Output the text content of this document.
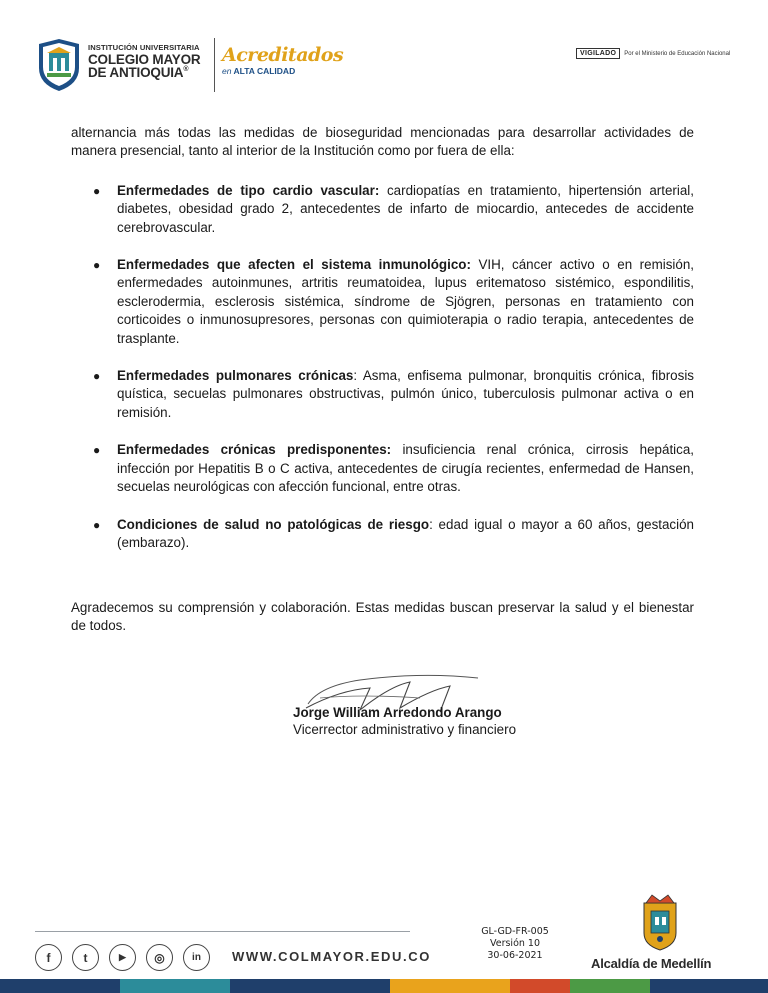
INSTITUCIÓN UNIVERSITARIA
COLEGIO MAYOR
DE ANTIOQUIA®
Acreditados
en ALTA CALIDAD
VIGILADO	Por el Ministerio de Educación Nacional

alternancia más todas las medidas de bioseguridad mencionadas para desarrollar actividades de manera presencial, tanto al interior de la Institución como por fuera de ella:

● Enfermedades de tipo cardio vascular: cardiopatías en tratamiento, hipertensión arterial, diabetes, obesidad grado 2, antecedentes de infarto de miocardio, antecedes de accidente cerebrovascular.
● Enfermedades que afecten el sistema inmunológico: VIH, cáncer activo o en remisión, enfermedades autoinmunes, artritis reumatoidea, lupus eritematoso sistémico, espondilitis, esclerodermia, esclerosis sistémica, síndrome de Sjögren, personas en tratamiento con corticoides o inmunosupresores, personas con quimioterapia o radio terapia, antecedentes de trasplante.
● Enfermedades pulmonares crónicas: Asma, enfisema pulmonar, bronquitis crónica, fibrosis quística, secuelas pulmonares obstructivas, pulmón único, tuberculosis pulmonar activa o en remisión.
● Enfermedades crónicas predisponentes: insuficiencia renal crónica, cirrosis hepática, infección por Hepatitis B o C activa, antecedentes de cirugía recientes, enfermedad de Hansen, secuelas neurológicas con afección funcional, entre otras.
● Condiciones de salud no patológicas de riesgo: edad igual o mayor a 60 años, gestación (embarazo).

Agradecemos su comprensión y colaboración. Estas medidas buscan preservar la salud y el bienestar de todos.

Jorge William Arredondo Arango
Vicerrector administrativo y financiero
f	t	▶	◎	in	WWW.COLMAYOR.EDU.CO
GL-GD-FR-005
Versión 10
30-06-2021
Alcaldía de Medellín
